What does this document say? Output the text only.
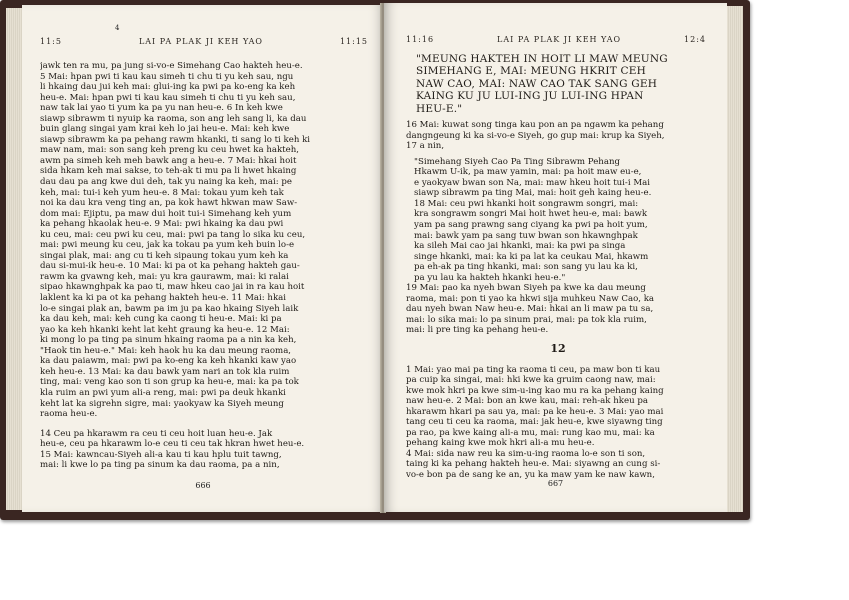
4
11:5	LAI PA PLAK JI KEH YAO	11:15
jawk ten ra mu, pa jung si-vo-e Simehang Cao hakteh heu-e.
5 Mai: hpan pwi ti kau kau simeh ti chu ti yu keh sau, ngu
li hkaing dau jui keh mai: glui-ing ka pwi pa ko-eng ka keh
heu-e. Mai: hpan pwi ti kau kau simeh ti chu ti yu keh sau,
naw tak lai yao ti yum ka pa yu nan heu-e. 6 In keh kwe
siawp sibrawm ti nyuip ka raoma, son ang leh sang li, ka dau
buin glang singai yam krai keh lo jai heu-e. Mai: keh kwe
siawp sibrawm ka pa pehang rawm hkanki, ti sang lo ti keh ki
maw nam, mai: son sang keh preng ku ceu hwet ka hakteh,
awm pa simeh keh meh bawk ang a heu-e. 7 Mai: hkai hoit
sida hkam keh mai sakse, to teh-ak ti mu pa li hwet hkaing
dau dau pa ang kwe dui deh, tak yu naing ka keh, mai: pe
keh, mai: tui-i keh yum heu-e. 8 Mai: tokau yum keh tak
noi ka dau kra veng ting an, pa kok hawt hkwan maw Saw-
dom mai: Ejiptu, pa maw dui hoit tui-i Simehang keh yum
ka pehang hkaolak heu-e. 9 Mai: pwi hkaing ka dau pwi
ku ceu, mai: ceu pwi ku ceu, mai: pwi pa tang lo sika ku ceu,
mai: pwi meung ku ceu, jak ka tokau pa yum keh buin lo-e
singai plak, mai: ang cu ti keh sipaung tokau yum keh ka
dau si-mui-ik heu-e. 10 Mai: ki pa ot ka pehang hakteh gau-
rawm ka gvawng keh, mai: yu kra gaurawm, mai: ki ralai
sipao hkawnghpak ka pao ti, maw hkeu cao jai in ra kau hoit
laklent ka ki pa ot ka pehang hakteh heu-e. 11 Mai: hkai
lo-e singai plak an, bawm pa im ju pa kao hkaing Siyeh laik
ka dau keh, mai: keh cung ka caong ti heu-e. Mai: ki pa
yao ka keh hkanki keht lat keht graung ka heu-e. 12 Mai:
ki mong lo pa ting pa sinum hkaing raoma pa a nin ka keh,
"Haok tin heu-e." Mai: keh haok hu ka dau meung raoma,
ka dau paiawm, mai: pwi pa ko-eng ka keh hkanki kaw yao
keh heu-e. 13 Mai: ka dau bawk yam nari an tok kla ruim
ting, mai: veng kao son ti son grup ka heu-e, mai: ka pa tok
kla ruim an pwi yum ali-a reng, mai: pwi pa deuk hkanki
keht lat ka sigrehn sigre, mai: yaokyaw ka Siyeh meung
raoma heu-e.
14 Ceu pa hkarawm ra ceu ti ceu hoit luan heu-e. Jak
heu-e, ceu pa hkarawm lo-e ceu ti ceu tak hkran hwet heu-e.
15 Mai: kawncau-Siyeh ali-a kau ti kau hplu tuit tawng,
mai: li kwe lo pa ting pa sinum ka dau raoma, pa a nin,
666
11:16	LAI PA PLAK JI KEH YAO	12:4
"MEUNG HAKTEH IN HOIT LI MAW MEUNG
SIMEHANG E, MAI: MEUNG HKRIT CEH
NAW CAO, MAI: NAW CAO TAK SANG GEH
KAING KU JU LUI-ING JU LUI-ING HPAN
HEU-E."
16 Mai: kuwat song tinga kau pon an pa ngawm ka pehang
dangngeung ki ka si-vo-e Siyeh, go gup mai: krup ka Siyeh,
17 a nin,
"Simehang Siyeh Cao Pa Ting Sibrawm Pehang
Hkawm U-ik, pa maw yamin, mai: pa hoit maw eu-e,
e yaokyaw bwan son Na, mai: maw hkeu hoit tui-i Mai
siawp sibrawm pa ting Mai, mai: hoit geh kaing heu-e.
18 Mai: ceu pwi hkanki hoit songrawm songri, mai:
kra songrawm songri Mai hoit hwet heu-e, mai: bawk
yam pa sang prawng sang ciyang ka pwi pa hoit yum,
mai: bawk yam pa sang tuw bwan son hkawnghpak
ka sileh Mai cao jai hkanki, mai: ka pwi pa singa
singe hkanki, mai: ka ki pa lat ka ceukau Mai, hkawm
pa eh-ak pa ting hkanki, mai: son sang yu lau ka ki,
pa yu lau ka hakteh hkanki heu-e."
19 Mai: pao ka nyeh bwan Siyeh pa kwe ka dau meung
raoma, mai: pon ti yao ka hkwi sija muhkeu Naw Cao, ka
dau nyeh bwan Naw heu-e. Mai: hkai an li maw pa tu sa,
mai: lo sika mai: lo pa sinum prai, mai: pa tok kla ruim,
mai: li pre ting ka pehang heu-e.
12
1 Mai: yao mai pa ting ka raoma ti ceu, pa maw bon ti kau
pa cuip ka singai, mai: hki kwe ka gruim caong naw, mai:
kwe mok hkri pa kwe sim-u-ing kao mu ra ka pehang kaing
naw heu-e. 2 Mai: bon an kwe kau, mai: reh-ak hkeu pa
hkarawm hkari pa sau ya, mai: pa ke heu-e. 3 Mai: yao mai
tang ceu ti ceu ka raoma, mai: jak heu-e, kwe siyawng ting
pa rao, pa kwe kaing ali-a mu, mai: rung kao mu, mai: ka
pehang kaing kwe mok hkri ali-a mu heu-e.
4 Mai: sida naw reu ka sim-u-ing raoma lo-e son ti son,
taing ki ka pehang hakteh heu-e. Mai: siyawng an cung si-
vo-e bon pa de sang ke an, yu ka maw yam ke naw kawn,
667
